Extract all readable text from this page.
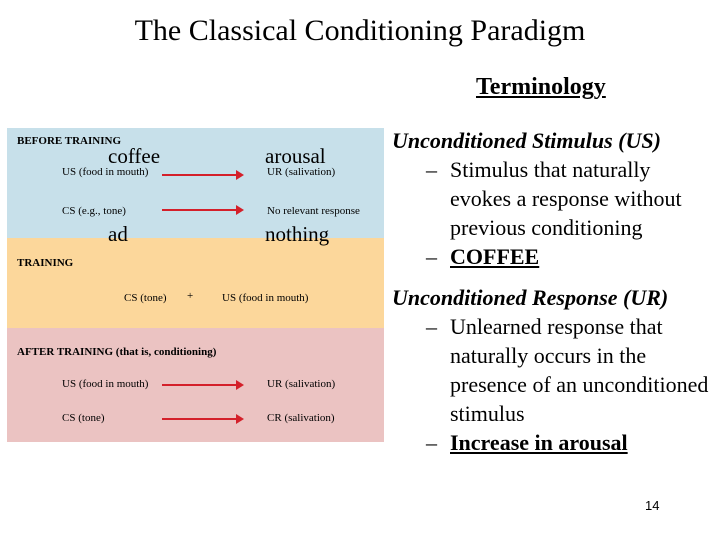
The Classical Conditioning Paradigm
Terminology
BEFORE TRAINING
US (food in mouth)	UR (salivation)
CS (e.g., tone)	No relevant response
TRAINING
CS (tone) +	US (food in mouth)
AFTER TRAINING (that is, conditioning)
US (food in mouth)	UR (salivation)
CS (tone)	CR (salivation)
coffee	arousal
ad	nothing
Unconditioned Stimulus (US)
– Stimulus that naturally evokes a response without previous conditioning
– COFFEE
Unconditioned Response (UR)
– Unlearned response that naturally occurs in the presence of an unconditioned stimulus
– Increase in arousal
14
